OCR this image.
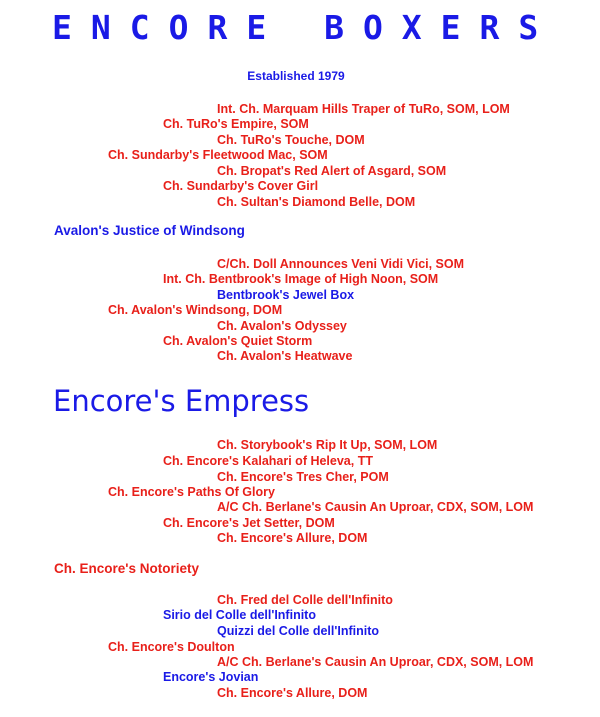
ENCORE BOXERS
Established 1979
Int. Ch. Marquam Hills Traper of TuRo, SOM, LOM
Ch. TuRo's Empire, SOM
Ch. TuRo's Touche, DOM
Ch. Sundarby's Fleetwood Mac, SOM
Ch. Bropat's Red Alert of Asgard, SOM
Ch. Sundarby's Cover Girl
Ch. Sultan's Diamond Belle, DOM
Avalon's Justice of Windsong
C/Ch. Doll Announces Veni Vidi Vici, SOM
Int. Ch. Bentbrook's Image of High Noon, SOM
Bentbrook's Jewel Box
Ch. Avalon's Windsong, DOM
Ch. Avalon's Odyssey
Ch. Avalon's Quiet Storm
Ch. Avalon's Heatwave
Encore's Empress
Ch. Storybook's Rip It Up, SOM, LOM
Ch. Encore's Kalahari of Heleva, TT
Ch. Encore's Tres Cher, POM
Ch. Encore's Paths Of Glory
A/C Ch. Berlane's Causin An Uproar, CDX, SOM, LOM
Ch. Encore's Jet Setter, DOM
Ch. Encore's Allure, DOM
Ch. Encore's Notoriety
Ch. Fred del Colle dell'Infinito
Sirio del Colle dell'Infinito
Quizzi del Colle dell'Infinito
Ch. Encore's Doulton
A/C Ch. Berlane's Causin An Uproar, CDX, SOM, LOM
Encore's Jovian
Ch. Encore's Allure, DOM
